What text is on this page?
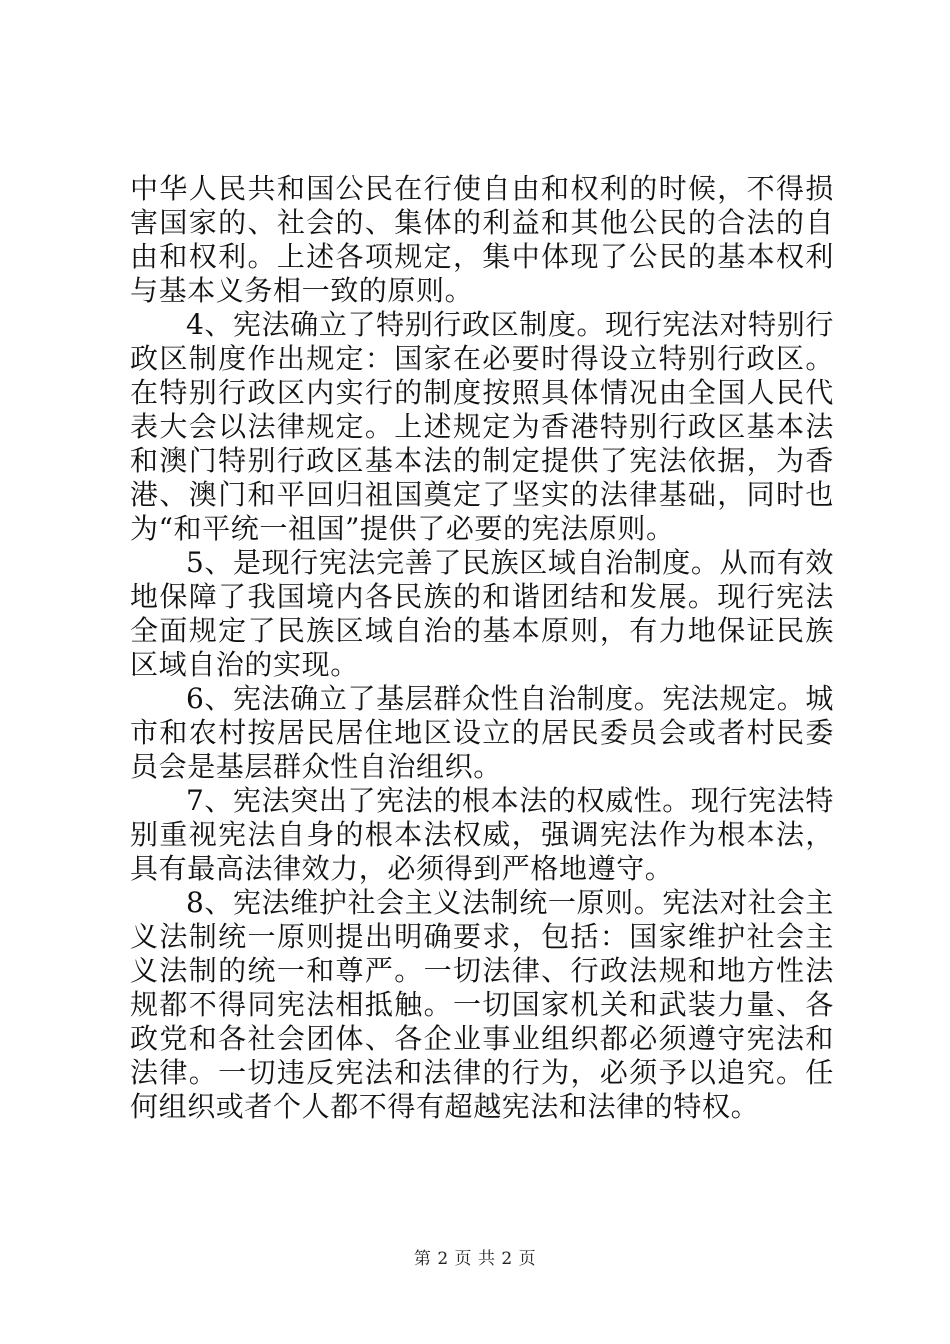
中华人民共和国公民在行使自由和权利的时候，不得损害国家的、社会的、集体的利益和其他公民的合法的自由和权利。上述各项规定，集中体现了公民的基本权利与基本义务相一致的原则。

4、宪法确立了特别行政区制度。现行宪法对特别行政区制度作出规定：国家在必要时得设立特别行政区。在特别行政区内实行的制度按照具体情况由全国人民代表大会以法律规定。上述规定为香港特别行政区基本法和澳门特别行政区基本法的制定提供了宪法依据，为香港、澳门和平回归祖国奠定了坚实的法律基础，同时也为“和平统一祖国”提供了必要的宪法原则。

5、是现行宪法完善了民族区域自治制度。从而有效地保障了我国境内各民族的和谐团结和发展。现行宪法全面规定了民族区域自治的基本原则，有力地保证民族区域自治的实现。

6、宪法确立了基层群众性自治制度。宪法规定。城市和农村按居民居住地区设立的居民委员会或者村民委员会是基层群众性自治组织。

7、宪法突出了宪法的根本法的权威性。现行宪法特别重视宪法自身的根本法权威，强调宪法作为根本法，具有最高法律效力，必须得到严格地遵守。

8、宪法维护社会主义法制统一原则。宪法对社会主义法制统一原则提出明确要求，包括：国家维护社会主义法制的统一和尊严。一切法律、行政法规和地方性法规都不得同宪法相抵触。一切国家机关和武装力量、各政党和各社会团体、各企业事业组织都必须遵守宪法和法律。一切违反宪法和法律的行为，必须予以追究。任何组织或者个人都不得有超越宪法和法律的特权。

第 2 页 共 2 页
